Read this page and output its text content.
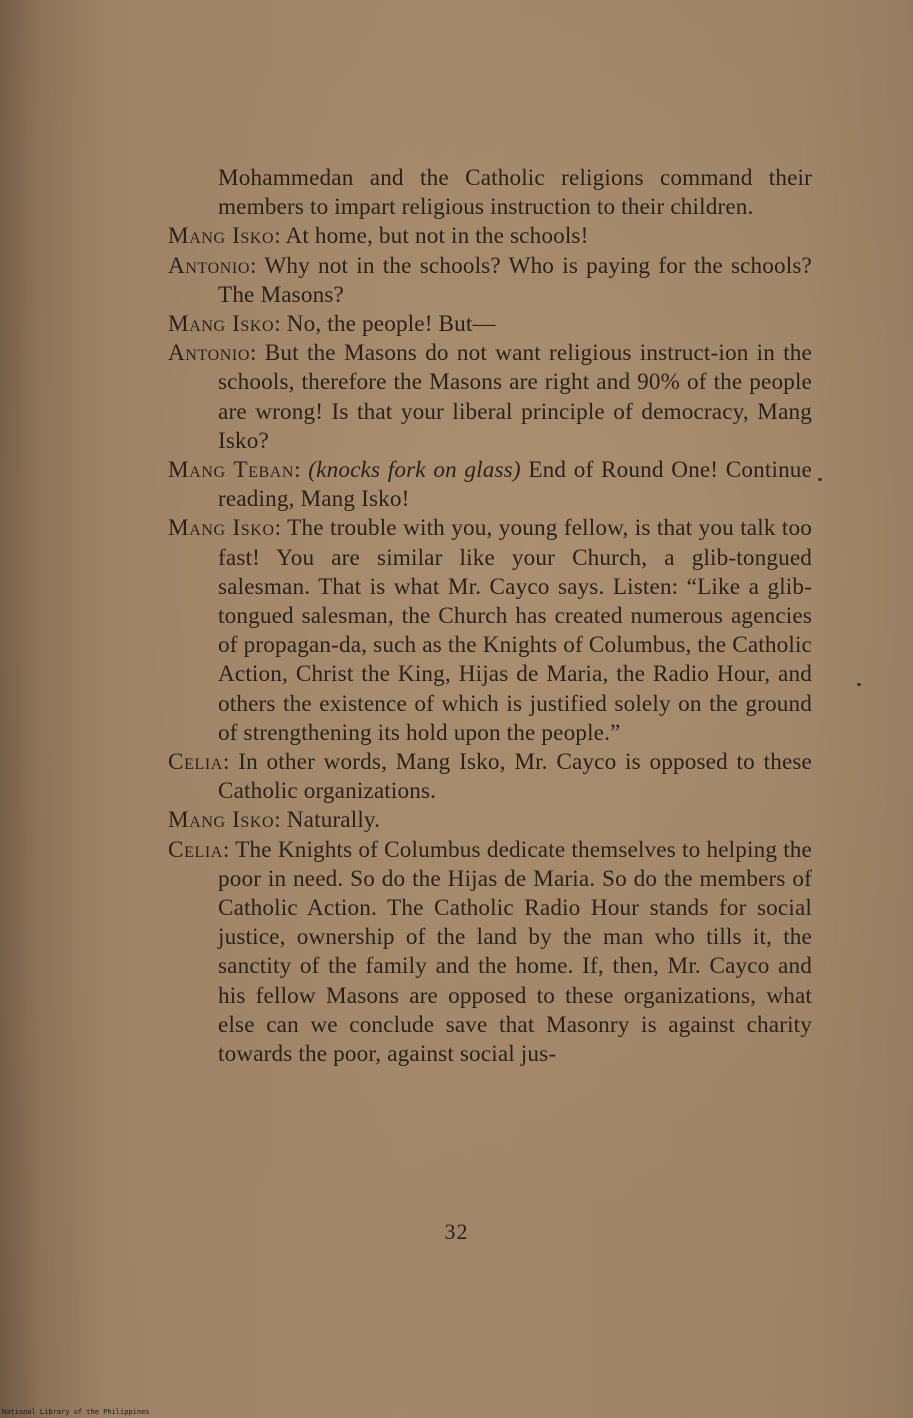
Mohammedan and the Catholic religions command their members to impart religious instruction to their children.

Mang Isko: At home, but not in the schools!

Antonio: Why not in the schools? Who is paying for the schools? The Masons?

Mang Isko: No, the people! But—

Antonio: But the Masons do not want religious instruct-ion in the schools, therefore the Masons are right and 90% of the people are wrong! Is that your liberal principle of democracy, Mang Isko?

Mang Teban: (knocks fork on glass) End of Round One! Continue reading, Mang Isko!

Mang Isko: The trouble with you, young fellow, is that you talk too fast! You are similar like your Church, a glib-tongued salesman. That is what Mr. Cayco says. Listen: “Like a glib-tongued salesman, the Church has created numerous agencies of propagan-da, such as the Knights of Columbus, the Catholic Action, Christ the King, Hijas de Maria, the Radio Hour, and others the existence of which is justified solely on the ground of strengthening its hold upon the people.”

Celia: In other words, Mang Isko, Mr. Cayco is opposed to these Catholic organizations.

Mang Isko: Naturally.

Celia: The Knights of Columbus dedicate themselves to helping the poor in need. So do the Hijas de Maria. So do the members of Catholic Action. The Catholic Radio Hour stands for social justice, ownership of the land by the man who tills it, the sanctity of the family and the home. If, then, Mr. Cayco and his fellow Masons are opposed to these organizations, what else can we conclude save that Masonry is against charity towards the poor, against social jus-

32
National Library of the Philippines
